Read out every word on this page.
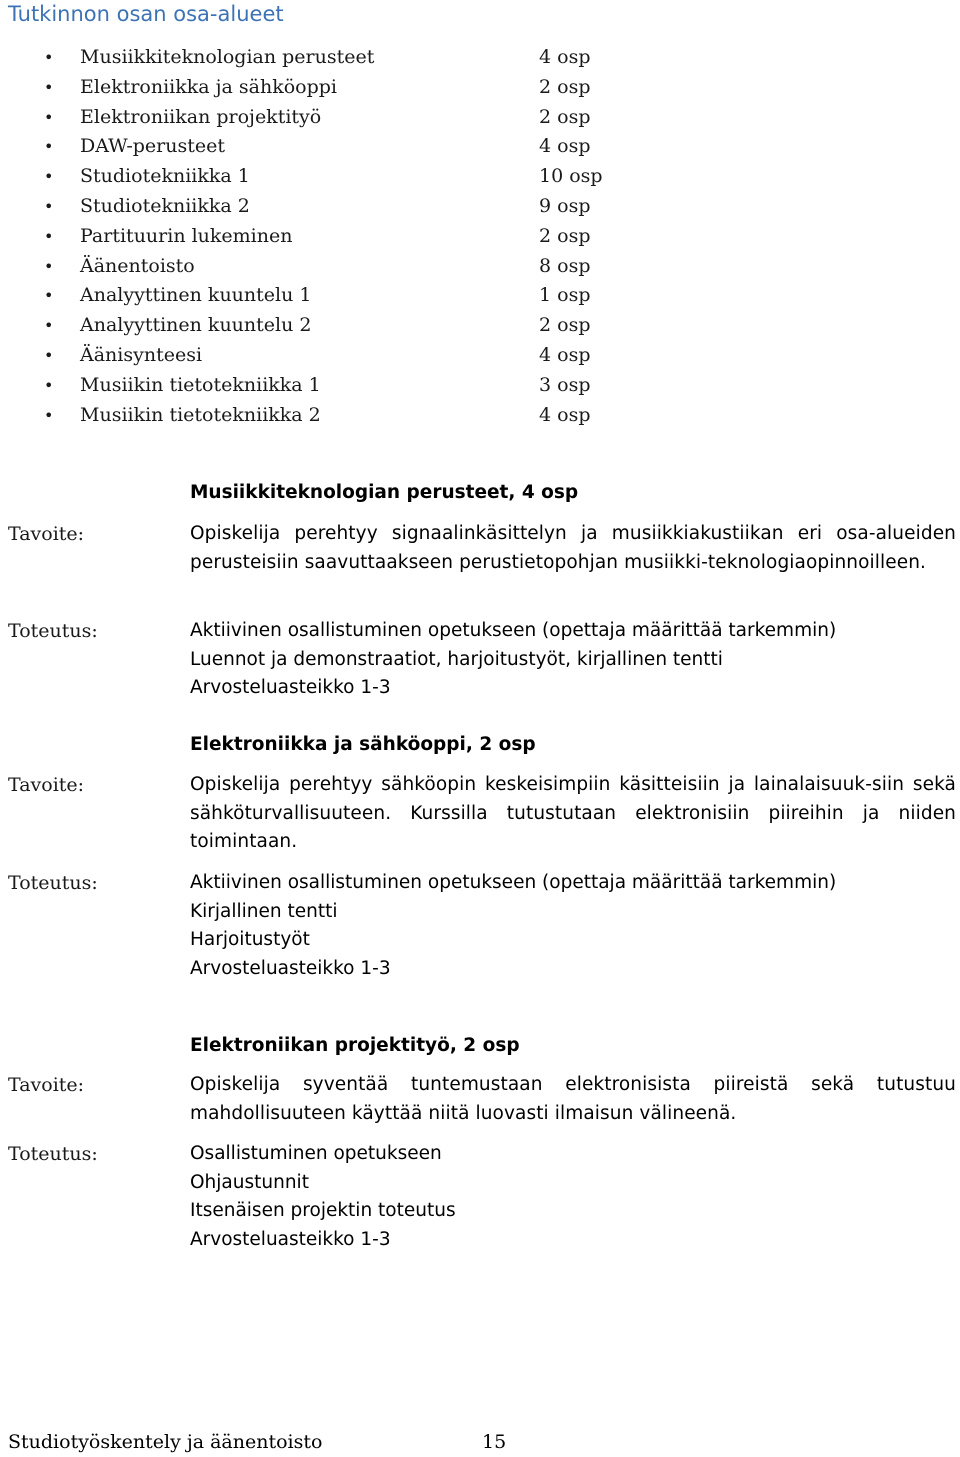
Tutkinnon osan osa-alueet
• Musiikkiteknologian perusteet	4 osp
• Elektroniikka ja sähköoppi	2 osp
• Elektroniikan projektityö	2 osp
• DAW-perusteet	4 osp
• Studiotekniikka 1	10 osp
• Studiotekniikka 2	9 osp
• Partituurin lukeminen	2 osp
• Äänentoisto	8 osp
• Analyyttinen kuuntelu 1	1 osp
• Analyyttinen kuuntelu 2	2 osp
• Äänisynteesi	4 osp
• Musiikin tietotekniikka 1	3 osp
• Musiikin tietotekniikka 2	4 osp
Musiikkiteknologian perusteet, 4 osp
Tavoite:	Opiskelija perehtyy signaalinkäsittelyn ja musiikkiakustiikan eri osa-alueiden perusteisiin saavuttaakseen perustietopohjan musiikki-teknologiaopinnoilleen.
Toteutus:	Aktiivinen osallistuminen opetukseen (opettaja määrittää tarkemmin)
Luennot ja demonstraatiot, harjoitustyöt, kirjallinen tentti
Arvosteluasteikko 1-3
Elektroniikka ja sähköoppi, 2 osp
Tavoite:	Opiskelija perehtyy sähköopin keskeisimpiin käsitteisiin ja lainalaisuuk-siin sekä sähköturvallisuuteen. Kurssilla tutustutaan elektronisiin piireihin ja niiden toimintaan.
Toteutus:	Aktiivinen osallistuminen opetukseen (opettaja määrittää tarkemmin)
Kirjallinen tentti
Harjoitustyöt
Arvosteluasteikko 1-3
Elektroniikan projektityö, 2 osp
Tavoite:	Opiskelija syventää tuntemustaan elektronisista piireistä sekä tutustuu mahdollisuuteen käyttää niitä luovasti ilmaisun välineenä.
Toteutus:	Osallistuminen opetukseen
Ohjaustunnit
Itsenäisen projektin toteutus
Arvosteluasteikko 1-3
Studiotyöskentely ja äänentoisto	15
